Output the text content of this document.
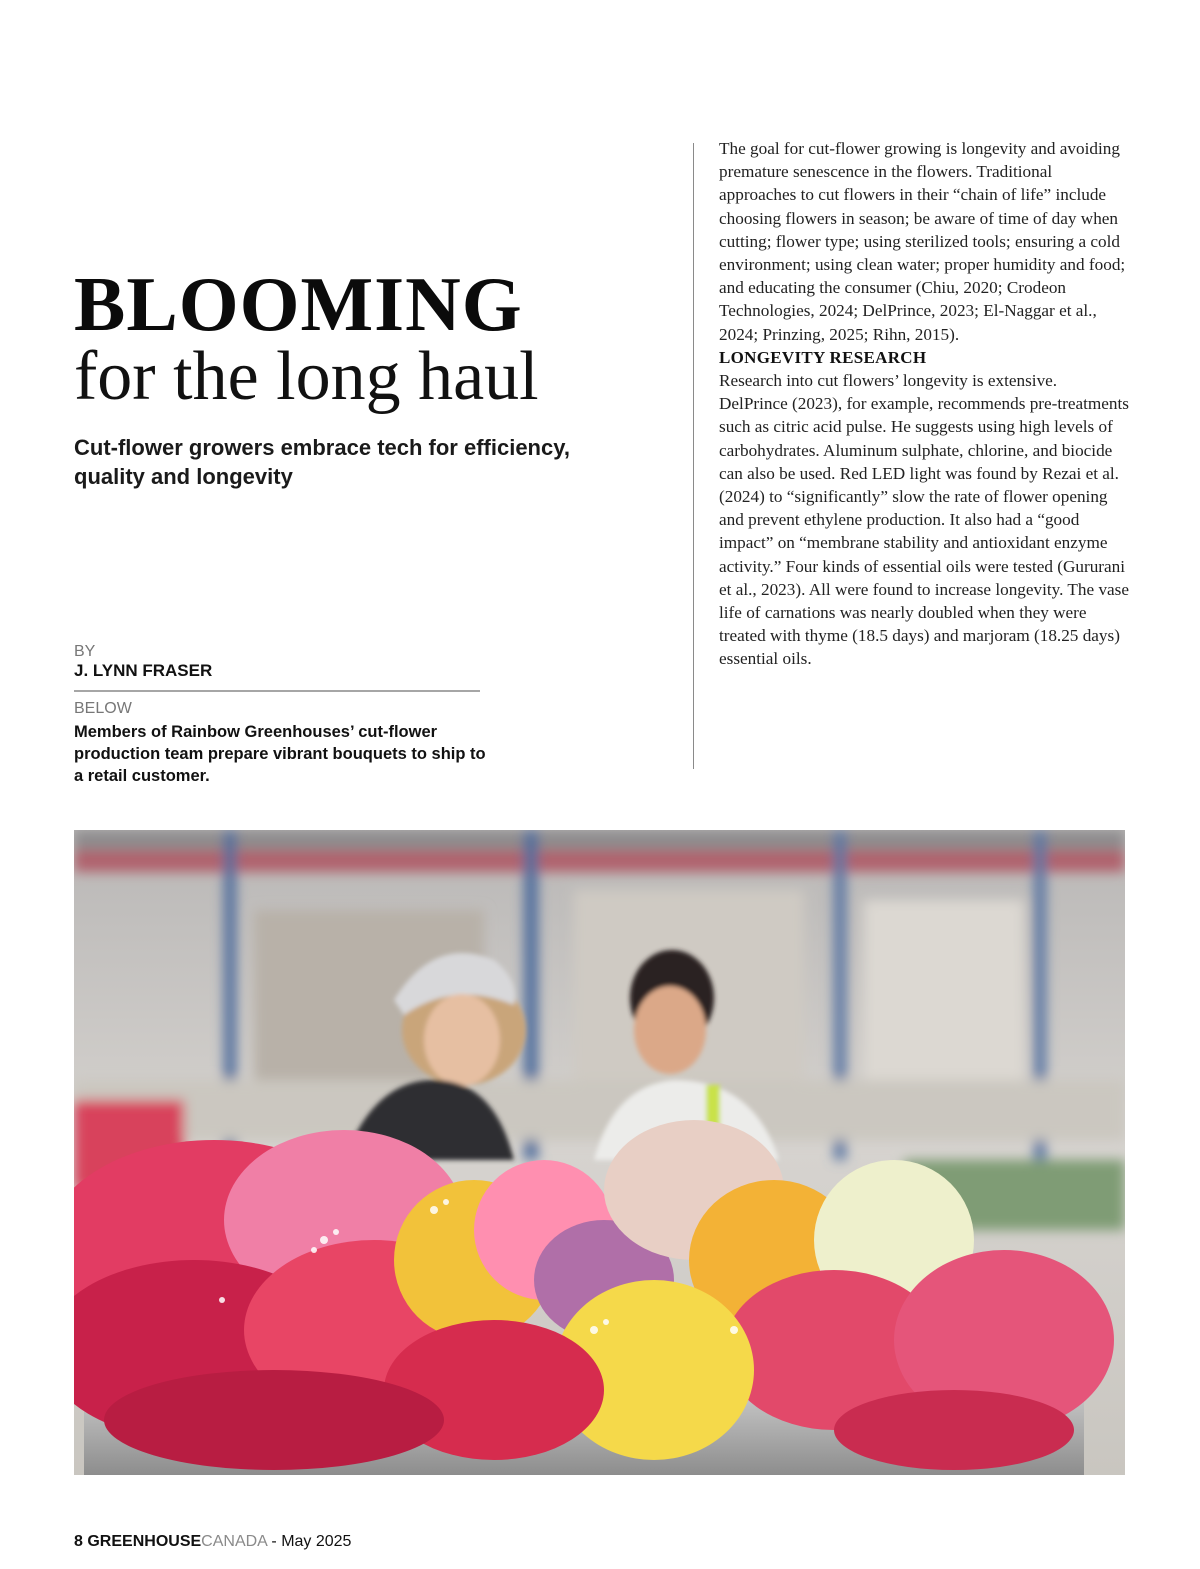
BLOOMING
for the long haul

Cut-flower growers embrace tech for efficiency, quality and longevity

BY
J. LYNN FRASER
BELOW

Members of Rainbow Greenhouses’ cut-flower production team prepare vibrant bouquets to ship to a retail customer.

The goal for cut-flower growing is longevity and avoiding premature senescence in the flowers. Traditional approaches to cut flowers in their “chain of life” include choosing flowers in season; be aware of time of day when cutting; flower type; using sterilized tools; ensuring a cold environment; using clean water; proper humidity and food; and educating the consumer (Chiu, 2020; Crodeon Technologies, 2024; DelPrince, 2023; El-Naggar et al., 2024; Prinzing, 2025; Rihn, 2015).

LONGEVITY RESEARCH

Research into cut flowers’ longevity is extensive. DelPrince (2023), for example, recommends pre-treatments such as citric acid pulse. He suggests using high levels of carbohydrates. Aluminum sulphate, chlorine, and biocide can also be used. Red LED light was found by Rezai et al. (2024) to “significantly” slow the rate of flower opening and prevent ethylene production. It also had a “good impact” on “membrane stability and antioxidant enzyme activity.” Four kinds of essential oils were tested (Gururani et al., 2023). All were found to increase longevity. The vase life of carnations was nearly doubled when they were treated with thyme (18.5 days) and marjoram (18.25 days) essential oils.

8 GREENHOUSECANADA - May 2025
